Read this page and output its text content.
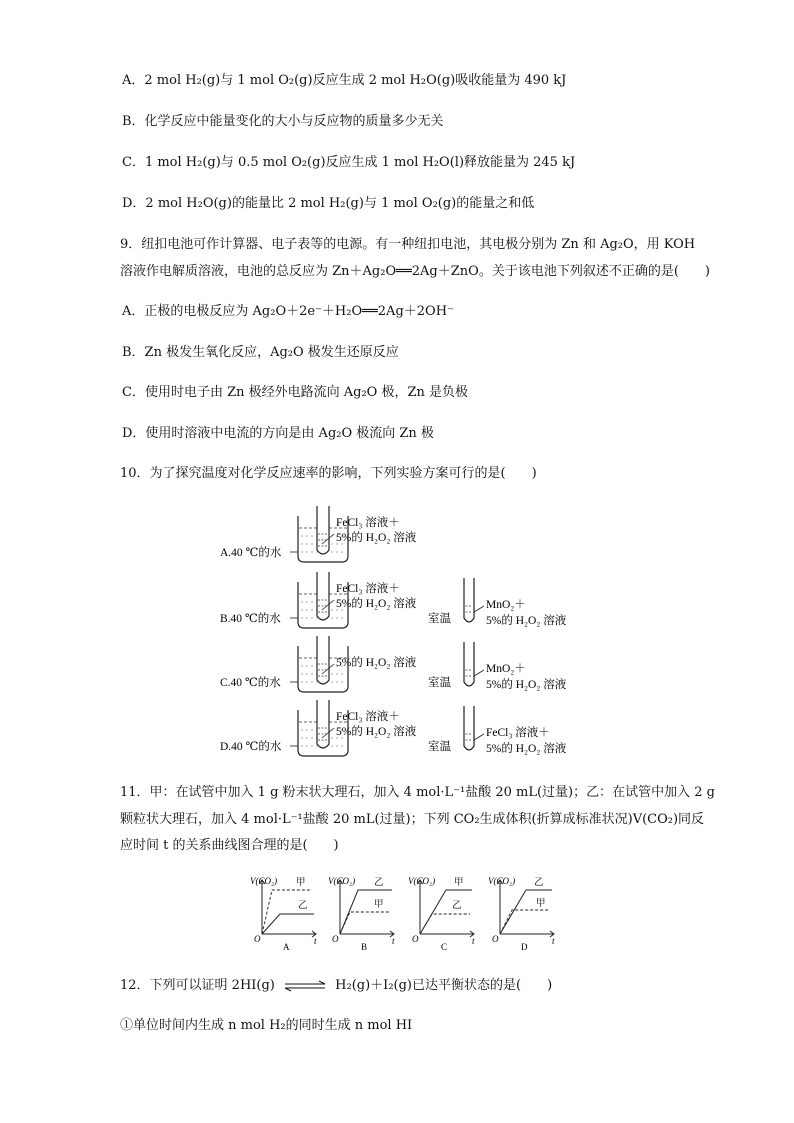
A．2 mol H₂(g)与 1 mol O₂(g)反应生成 2 mol H₂O(g)吸收能量为 490 kJ
B．化学反应中能量变化的大小与反应物的质量多少无关
C．1 mol H₂(g)与 0.5 mol O₂(g)反应生成 1 mol H₂O(l)释放能量为 245 kJ
D．2 mol H₂O(g)的能量比 2 mol H₂(g)与 1 mol O₂(g)的能量之和低
9．纽扣电池可作计算器、电子表等的电源。有一种纽扣电池，其电极分别为 Zn 和 Ag₂O，用 KOH
溶液作电解质溶液，电池的总反应为 Zn＋Ag₂O══2Ag＋ZnO。关于该电池下列叙述不正确的是(　　)
A．正极的电极反应为 Ag₂O＋2e⁻＋H₂O══2Ag＋2OH⁻
B．Zn 极发生氧化反应，Ag₂O 极发生还原反应
C．使用时电子由 Zn 极经外电路流向 Ag₂O 极，Zn 是负极
D．使用时溶液中电流的方向是由 Ag₂O 极流向 Zn 极
10．为了探究温度对化学反应速率的影响，下列实验方案可行的是(　　)
A.40 ℃的水
FeCl₃ 溶液＋
5%的 H₂O₂ 溶液
B.40 ℃的水
FeCl₃ 溶液＋
5%的 H₂O₂ 溶液
室温
MnO₂＋
5%的 H₂O₂ 溶液
C.40 ℃的水
5%的 H₂O₂ 溶液
室温
MnO₂＋
5%的 H₂O₂ 溶液
D.40 ℃的水
FeCl₃ 溶液＋
5%的 H₂O₂ 溶液
室温
FeCl₃ 溶液＋
5%的 H₂O₂ 溶液
11．甲：在试管中加入 1 g 粉末状大理石，加入 4 mol·L⁻¹盐酸 20 mL(过量)；乙：在试管中加入 2 g
颗粒状大理石，加入 4 mol·L⁻¹盐酸 20 mL(过量)；下列 CO₂生成体积(折算成标准状况)V(CO₂)同反
应时间 t 的关系曲线图合理的是(　　)
V(CO₂) 甲
乙
O	t
A
V(CO₂) 乙
甲
O	t
B
V(CO₂) 甲
乙
O	t
C
V(CO₂) 乙
甲
O	t
D
12．下列可以证明 2HI(g) ⇌ H₂(g)＋I₂(g)已达平衡状态的是(　　)
①单位时间内生成 n mol H₂的同时生成 n mol HI
